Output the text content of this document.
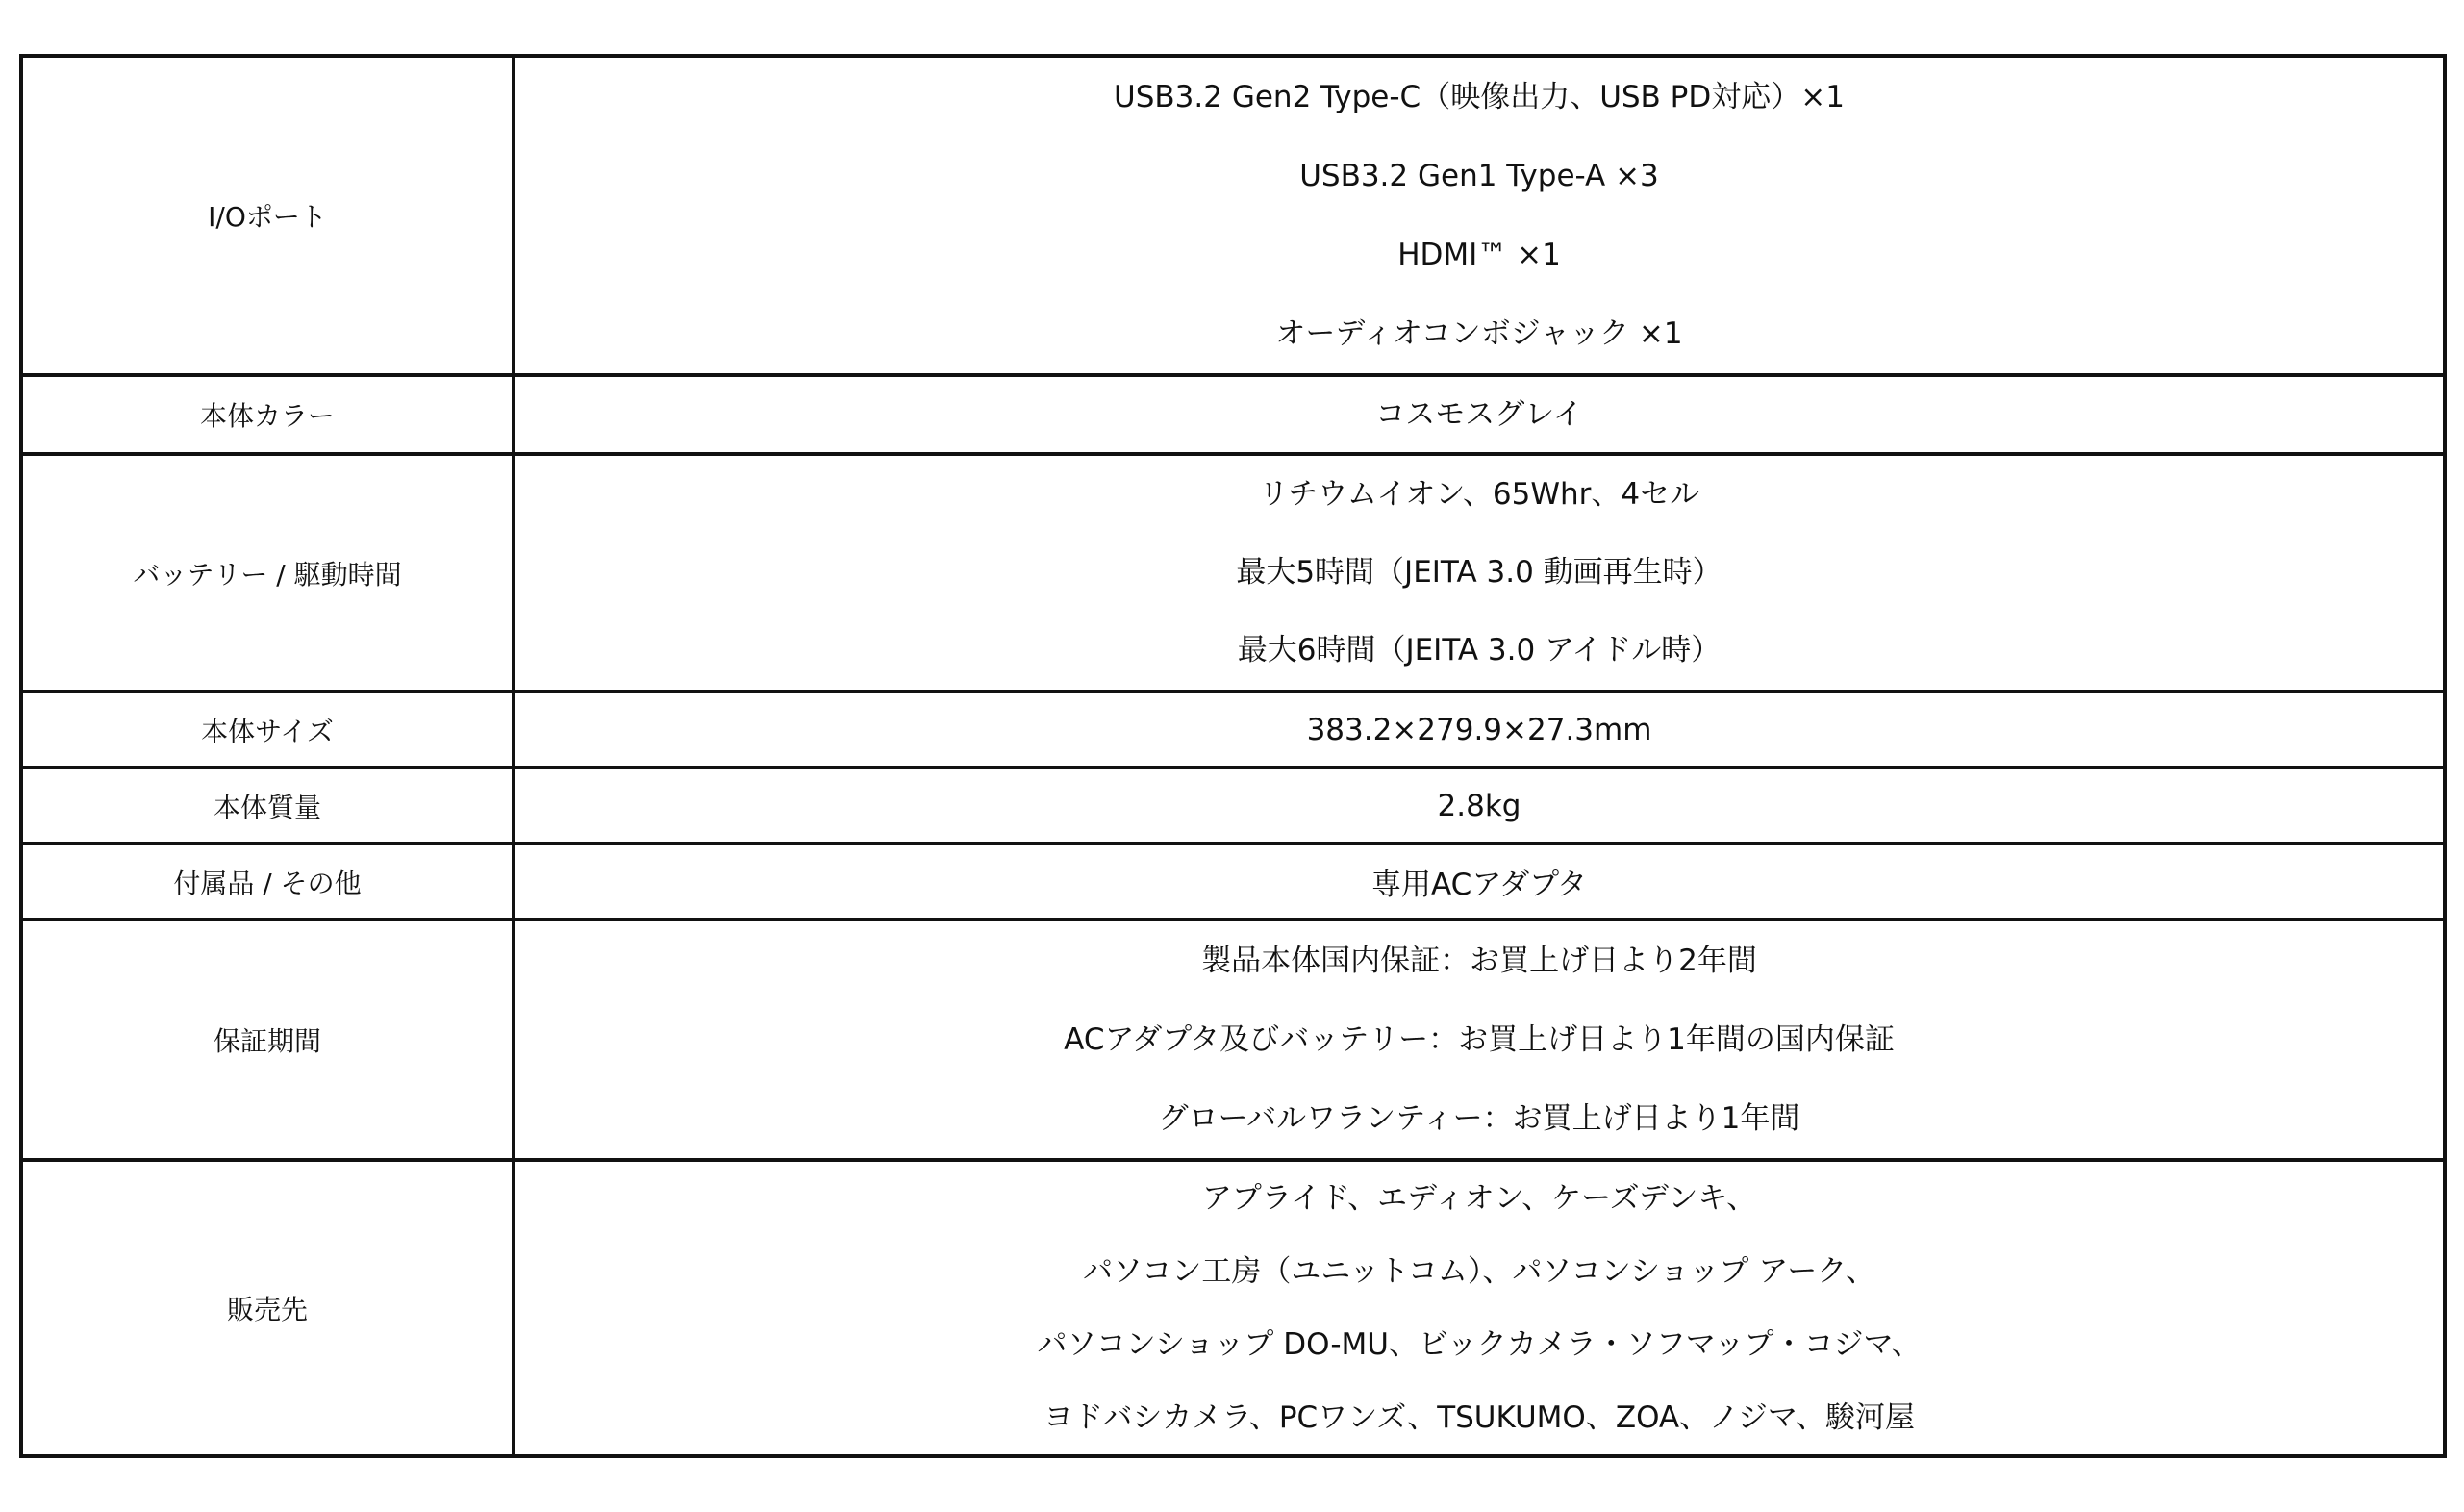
I/Oポート	USB3.2 Gen2 Type-C（映像出力、USB PD対応）×1
USB3.2 Gen1 Type-A ×3
HDMI™ ×1
オーディオコンボジャック ×1

本体カラー	コスモスグレイ

バッテリー / 駆動時間	リチウムイオン、65Whr、4セル
最大5時間（JEITA 3.0 動画再生時）
最大6時間（JEITA 3.0 アイドル時）

本体サイズ	383.2×279.9×27.3mm

本体質量	2.8kg

付属品 / その他	専用ACアダプタ

保証期間	製品本体国内保証：お買上げ日より2年間
ACアダプタ及びバッテリー：お買上げ日より1年間の国内保証
グローバルワランティー：お買上げ日より1年間

販売先	アプライド、エディオン、ケーズデンキ、
パソコン工房（ユニットコム）、パソコンショップ アーク、
パソコンショップ DO-MU、ビックカメラ・ソフマップ・コジマ、
ヨドバシカメラ、PCワンズ、TSUKUMO、ZOA、ノジマ、駿河屋
